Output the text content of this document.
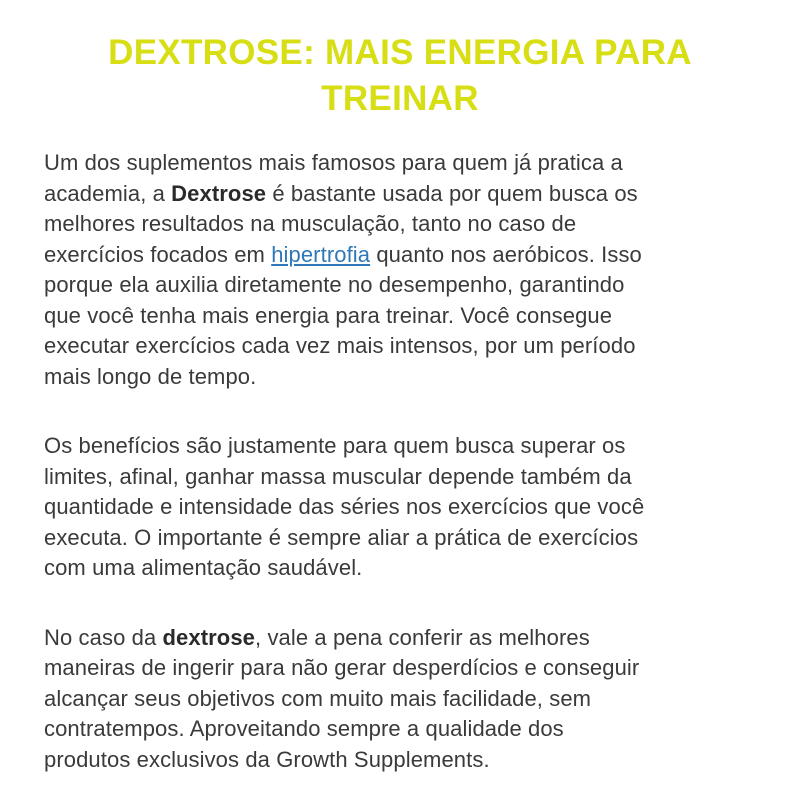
DEXTROSE: MAIS ENERGIA PARA
TREINAR

Um dos suplementos mais famosos para quem já pratica a
academia, a Dextrose é bastante usada por quem busca os
melhores resultados na musculação, tanto no caso de
exercícios focados em hipertrofia quanto nos aeróbicos. Isso
porque ela auxilia diretamente no desempenho, garantindo
que você tenha mais energia para treinar. Você consegue
executar exercícios cada vez mais intensos, por um período
mais longo de tempo.

Os benefícios são justamente para quem busca superar os
limites, afinal, ganhar massa muscular depende também da
quantidade e intensidade das séries nos exercícios que você
executa. O importante é sempre aliar a prática de exercícios
com uma alimentação saudável.

No caso da dextrose, vale a pena conferir as melhores
maneiras de ingerir para não gerar desperdícios e conseguir
alcançar seus objetivos com muito mais facilidade, sem
contratempos. Aproveitando sempre a qualidade dos
produtos exclusivos da Growth Supplements.
